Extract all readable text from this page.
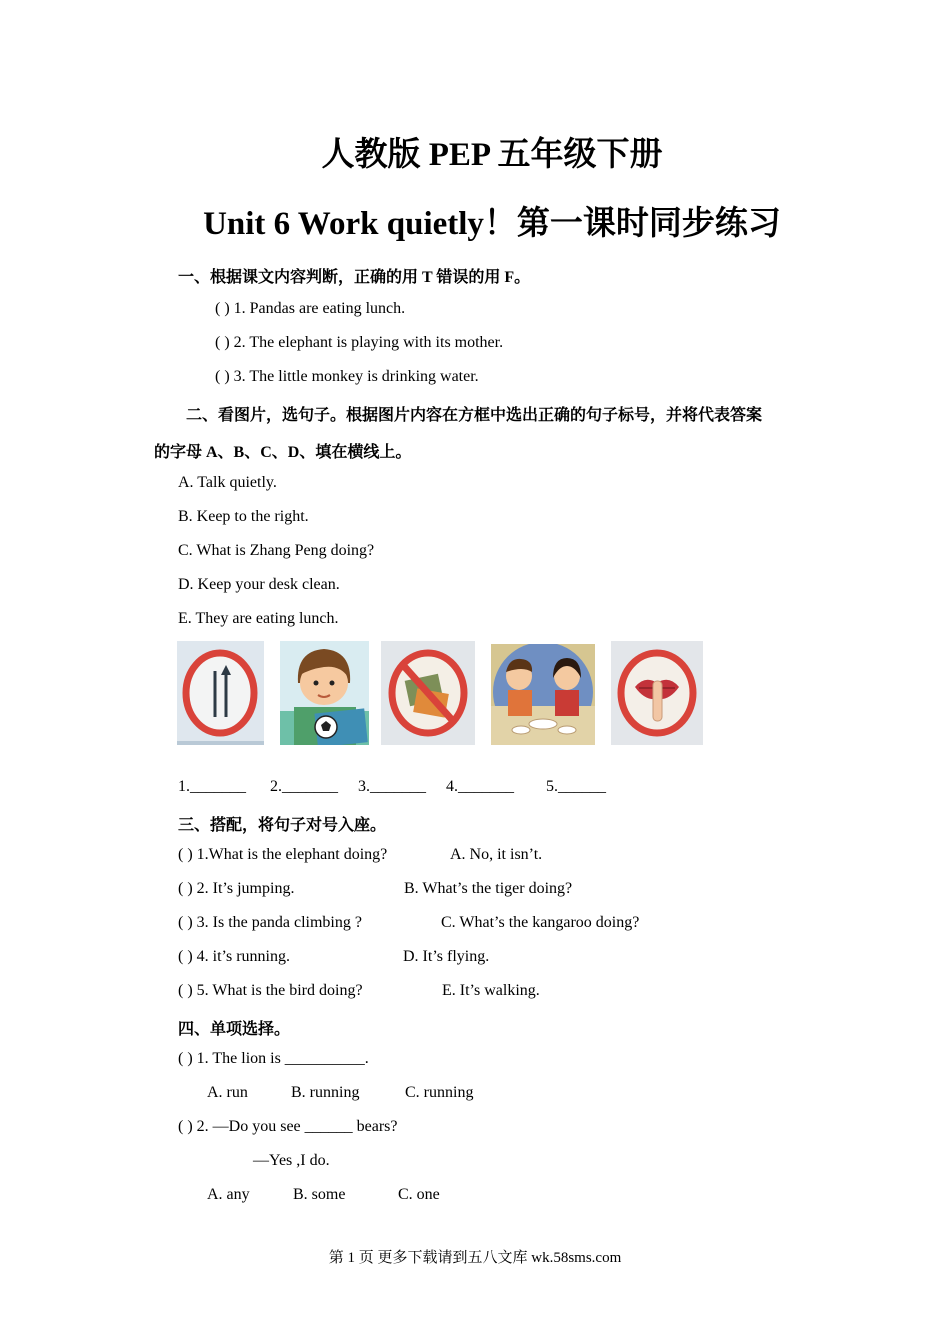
人教版 PEP 五年级下册
Unit 6 Work quietly！第一课时同步练习
一、根据课文内容判断，正确的用 T 错误的用 F。
( ) 1. Pandas are eating lunch.
( ) 2. The elephant is playing with its mother.
( ) 3. The little monkey is drinking water.
二、看图片，选句子。根据图片内容在方框中选出正确的句子标号，并将代表答案
的字母 A、B、C、D、填在横线上。
A. Talk quietly.
B. Keep to the right.
C. What is Zhang Peng doing?
D. Keep your desk clean.
E. They are eating lunch.
1._______ 2._______ 3._______ 4._______ 5.______
三、搭配，将句子对号入座。
( ) 1.What is the elephant doing?	A. No, it isn’t.
( ) 2. It’s jumping.	B. What’s the tiger doing?
( ) 3. Is the panda climbing ?	C. What’s the kangaroo doing?
( ) 4. it’s running.	D. It’s flying.
( ) 5. What is the bird doing?	E. It’s walking.
四、单项选择。
( ) 1. The lion is __________.
A. run	B. running	C. running
( ) 2. —Do you see ______ bears?
—Yes ,I do.
A. any	B. some	C. one
第 1 页 更多下载请到五八文库 wk.58sms.com
